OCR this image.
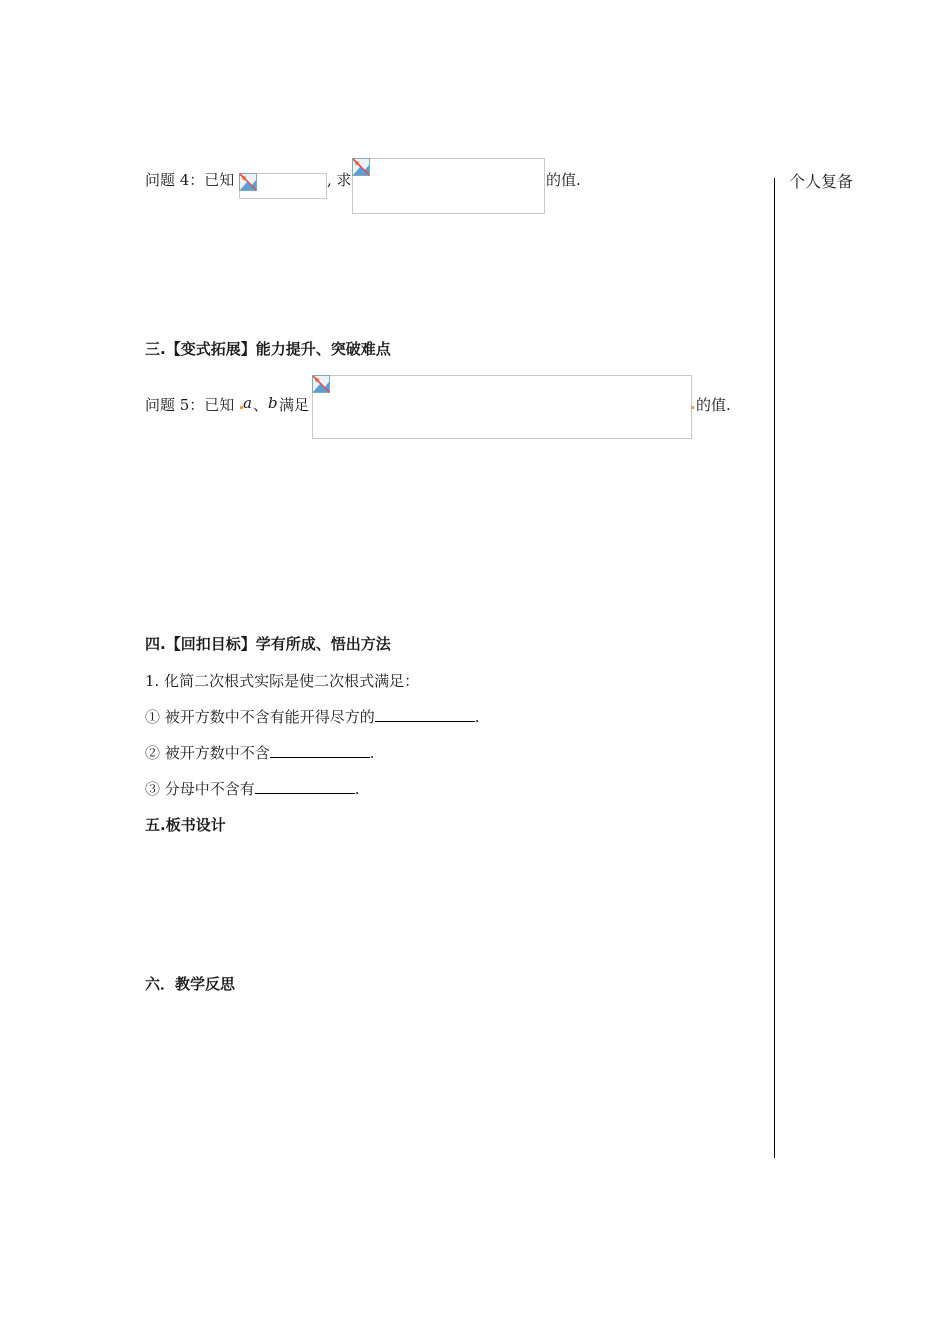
个人复备
问题 4：已知	, 求	的值.
三.【变式拓展】能力提升、突破难点
问题 5：已知 a 、 b 满足	的值.
四.【回扣目标】学有所成、悟出方法
1. 化简二次根式实际是使二次根式满足：
① 被开方数中不含有能开得尽方的	.
② 被开方数中不含	.
③ 分母中不含有	.
五.板书设计
六．教学反思
